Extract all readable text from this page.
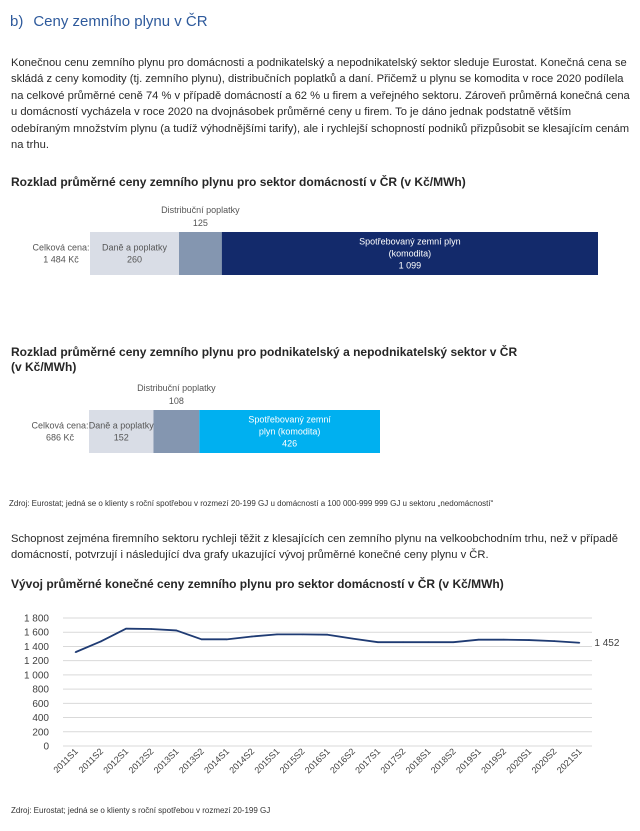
b) Ceny zemního plynu v ČR
Konečnou cenu zemního plynu pro domácnosti a podnikatelský a nepodnikatelský sektor sleduje Eurostat. Konečná cena se skládá z ceny komodity (tj. zemního plynu), distribučních poplatků a daní. Přičemž u plynu se komodita v roce 2020 podílela na celkové průměrné ceně 74 % v případě domácností a 62 % u firem a veřejného sektoru. Zároveň průměrná konečná cena u domácností vycházela v roce 2020 na dvojnásobek průměrné ceny u firem. To je dáno jednak podstatně větším odebíraným množstvím plynu (a tudíž výhodnějšími tarify), ale i rychlejší schopností podniků přizpůsobit se klesajícím cenám na trhu.
Rozklad průměrné ceny zemního plynu pro sektor domácností v ČR (v Kč/MWh)
Celková cena:
1 484 Kč
Daně a poplatky
260
Distribuční poplatky
125
Spotřebovaný zemní plyn
(komodita)
1 099
Rozklad průměrné ceny zemního plynu pro podnikatelský a nepodnikatelský sektor v ČR (v Kč/MWh)
Celková cena:
686 Kč
Daně a poplatky
152
Distribuční poplatky
108
Spotřebovaný zemní
plyn (komodita)
426
Zdroj: Eurostat; jedná se o klienty s roční spotřebou v rozmezí 20-199 GJ u domácností a 100 000-999 999 GJ u sektoru „nedomácností“
Schopnost zejména firemního sektoru rychleji těžit z klesajících cen zemního plynu na velkoobchodním trhu, než v případě domácností, potvrzují i následující dva grafy ukazující vývoj průměrné konečné ceny plynu v ČR.
Vývoj průměrné konečné ceny zemního plynu pro sektor domácností v ČR (v Kč/MWh)
0
200
400
600
800
1 000
1 200
1 400
1 600
1 800
2011S1
2011S2
2012S1
2012S2
2013S1
2013S2
2014S1
2014S2
2015S1
2015S2
2016S1
2016S2
2017S1
2017S2
2018S1
2018S2
2019S1
2019S2
2020S1
2020S2
2021S1
1 452
Zdroj: Eurostat; jedná se o klienty s roční spotřebou v rozmezí 20-199 GJ
